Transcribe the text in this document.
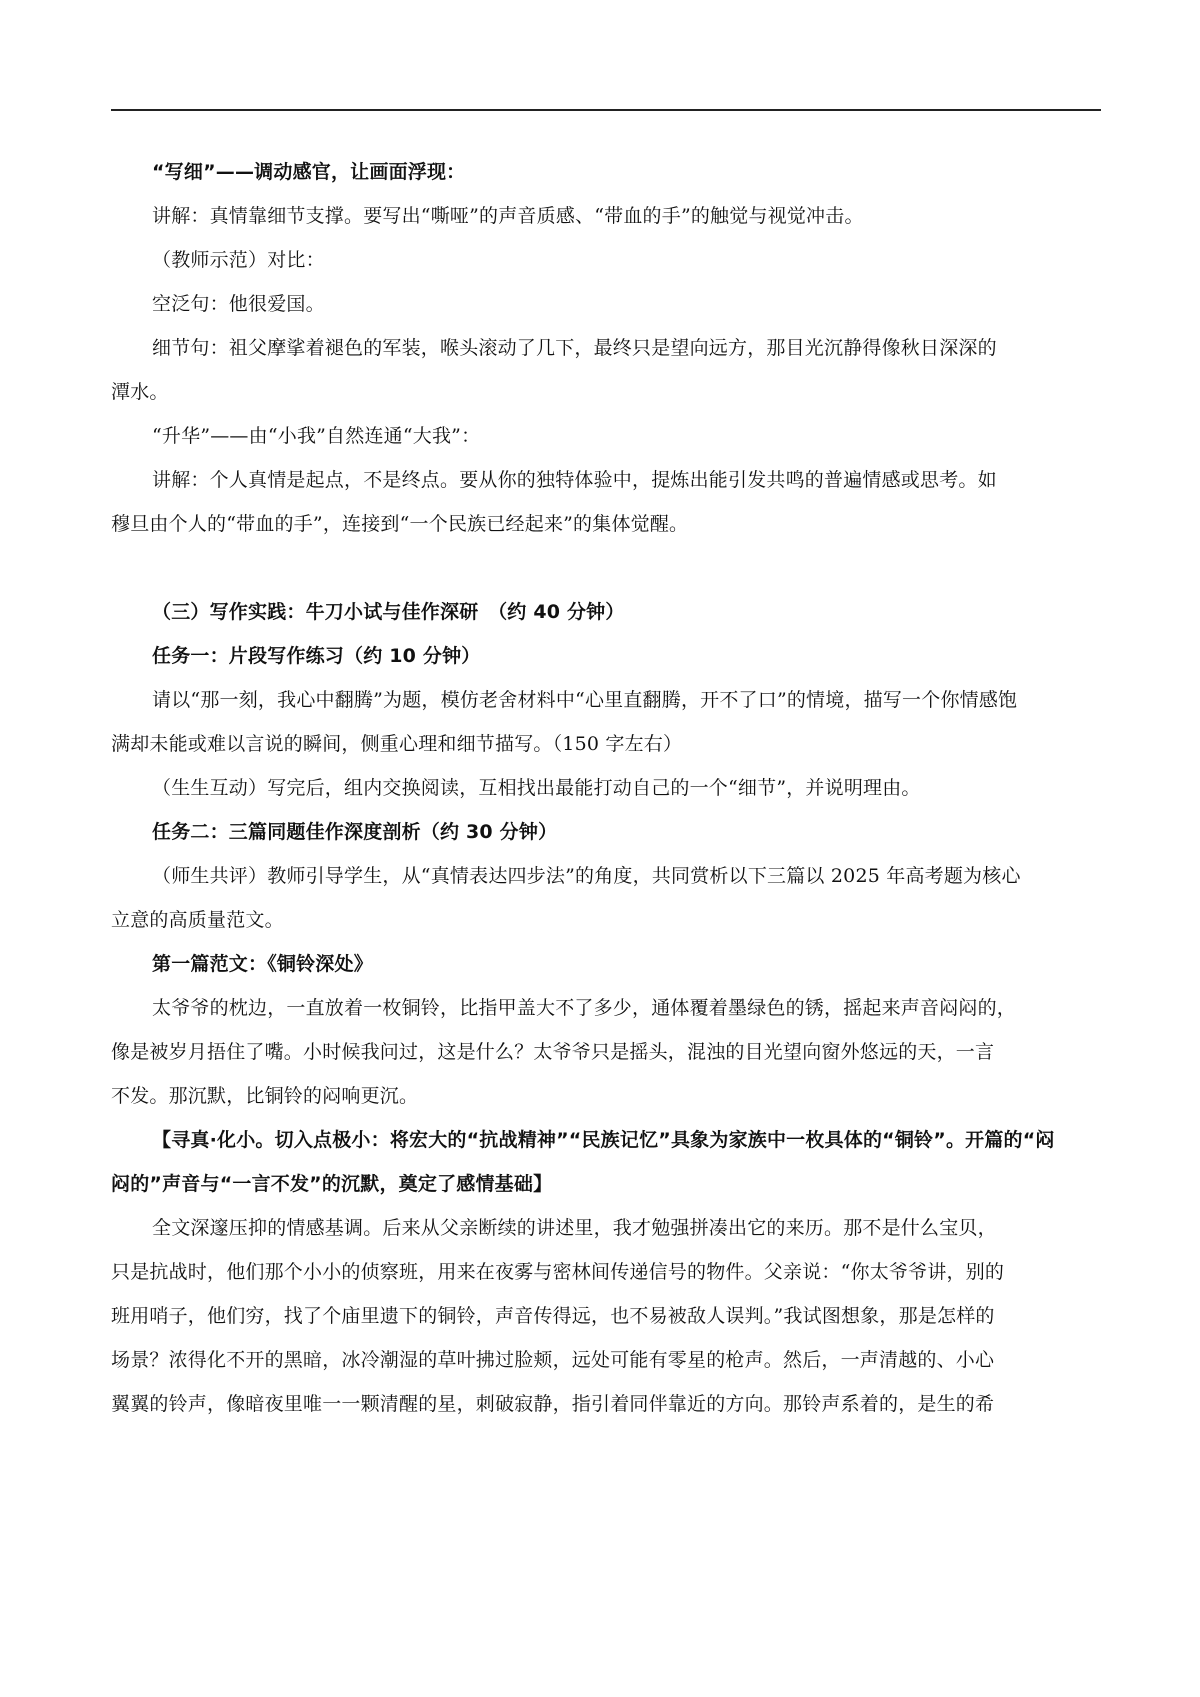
“写细”——调动感官，让画面浮现：

讲解：真情靠细节支撑。要写出“嘶哑”的声音质感、“带血的手”的触觉与视觉冲击。

（教师示范）对比：

空泛句：他很爱国。

细节句：祖父摩挲着褪色的军装，喉头滚动了几下，最终只是望向远方，那目光沉静得像秋日深深的

潭水。

“升华”——由“小我”自然连通“大我”：

讲解：个人真情是起点，不是终点。要从你的独特体验中，提炼出能引发共鸣的普遍情感或思考。如

穆旦由个人的“带血的手”，连接到“一个民族已经起来”的集体觉醒。

（三）写作实践：牛刀小试与佳作深研　（约 40 分钟）

任务一：片段写作练习（约 10 分钟）

请以“那一刻，我心中翻腾”为题，模仿老舍材料中“心里直翻腾，开不了口”的情境，描写一个你情感饱

满却未能或难以言说的瞬间，侧重心理和细节描写。（150 字左右）

（生生互动）写完后，组内交换阅读，互相找出最能打动自己的一个“细节”，并说明理由。

任务二：三篇同题佳作深度剖析（约 30 分钟）

（师生共评）教师引导学生，从“真情表达四步法”的角度，共同赏析以下三篇以 2025 年高考题为核心

立意的高质量范文。

第一篇范文：《铜铃深处》

太爷爷的枕边，一直放着一枚铜铃，比指甲盖大不了多少，通体覆着墨绿色的锈，摇起来声音闷闷的，

像是被岁月捂住了嘴。小时候我问过，这是什么？太爷爷只是摇头，混浊的目光望向窗外悠远的天，一言

不发。那沉默，比铜铃的闷响更沉。

【寻真·化小。切入点极小：将宏大的“抗战精神”“民族记忆”具象为家族中一枚具体的“铜铃”。开篇的“闷

闷的”声音与“一言不发”的沉默，奠定了感情基础】

全文深邃压抑的情感基调。后来从父亲断续的讲述里，我才勉强拼凑出它的来历。那不是什么宝贝，

只是抗战时，他们那个小小的侦察班，用来在夜雾与密林间传递信号的物件。父亲说：“你太爷爷讲，别的

班用哨子，他们穷，找了个庙里遗下的铜铃，声音传得远，也不易被敌人误判。”我试图想象，那是怎样的

场景？浓得化不开的黑暗，冰冷潮湿的草叶拂过脸颊，远处可能有零星的枪声。然后，一声清越的、小心

翼翼的铃声，像暗夜里唯一一颗清醒的星，刺破寂静，指引着同伴靠近的方向。那铃声系着的，是生的希
